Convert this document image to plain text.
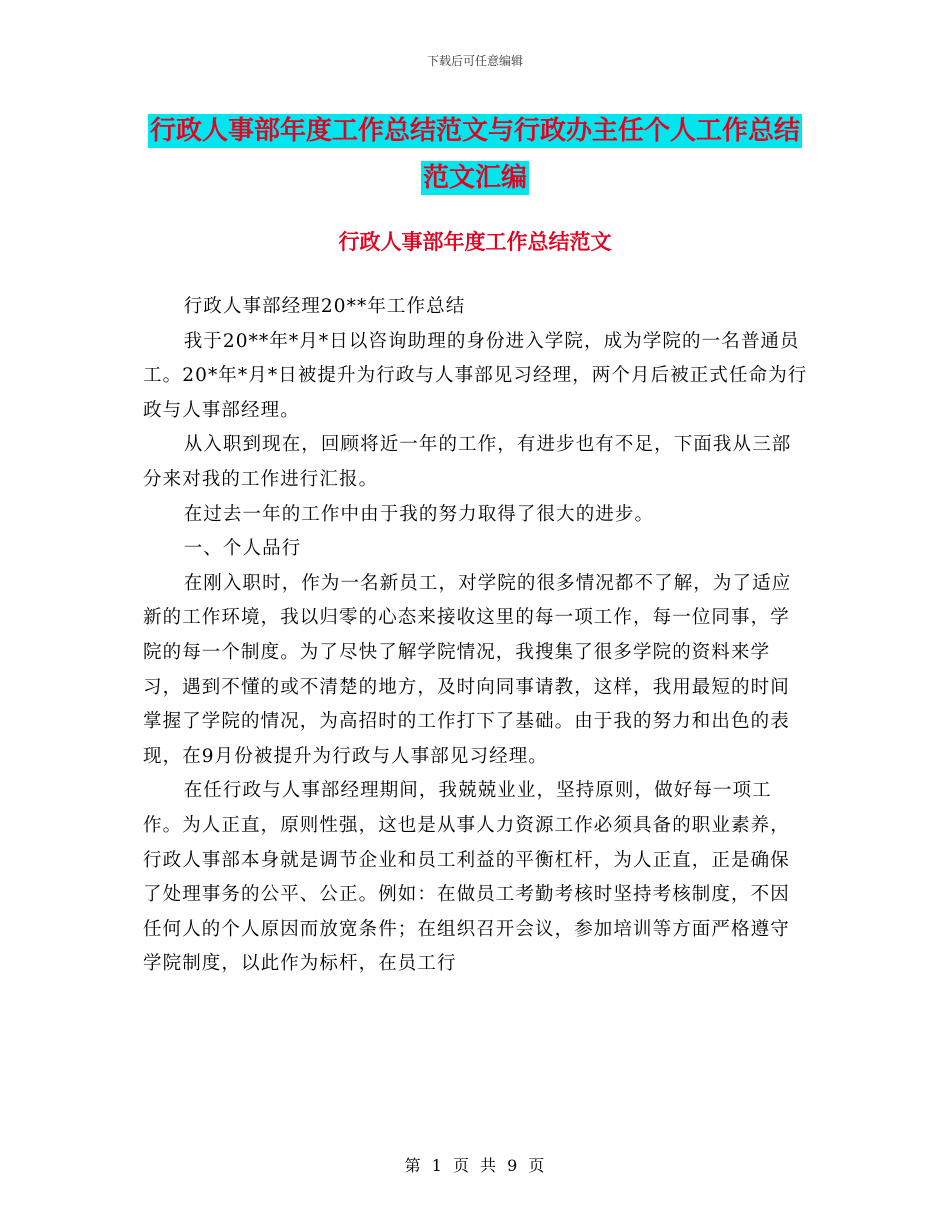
下载后可任意编辑
行政人事部年度工作总结范文与行政办主任个人工作总结范文汇编
行政人事部年度工作总结范文

行政人事部经理20**年工作总结

我于20**年*月*日以咨询助理的身份进入学院，成为学院的一名普通员工。20*年*月*日被提升为行政与人事部见习经理，两个月后被正式任命为行政与人事部经理。

从入职到现在，回顾将近一年的工作，有进步也有不足，下面我从三部分来对我的工作进行汇报。

在过去一年的工作中由于我的努力取得了很大的进步。

一、个人品行

在刚入职时，作为一名新员工，对学院的很多情况都不了解，为了适应新的工作环境，我以归零的心态来接收这里的每一项工作，每一位同事，学院的每一个制度。为了尽快了解学院情况，我搜集了很多学院的资料来学习，遇到不懂的或不清楚的地方，及时向同事请教，这样，我用最短的时间掌握了学院的情况，为高招时的工作打下了基础。由于我的努力和出色的表现，在9月份被提升为行政与人事部见习经理。

在任行政与人事部经理期间，我兢兢业业，坚持原则，做好每一项工作。为人正直，原则性强，这也是从事人力资源工作必须具备的职业素养，行政人事部本身就是调节企业和员工利益的平衡杠杆，为人正直，正是确保了处理事务的公平、公正。例如：在做员工考勤考核时坚持考核制度，不因任何人的个人原因而放宽条件；在组织召开会议，参加培训等方面严格遵守学院制度，以此作为标杆，在员工行

第 1 页 共 9 页
